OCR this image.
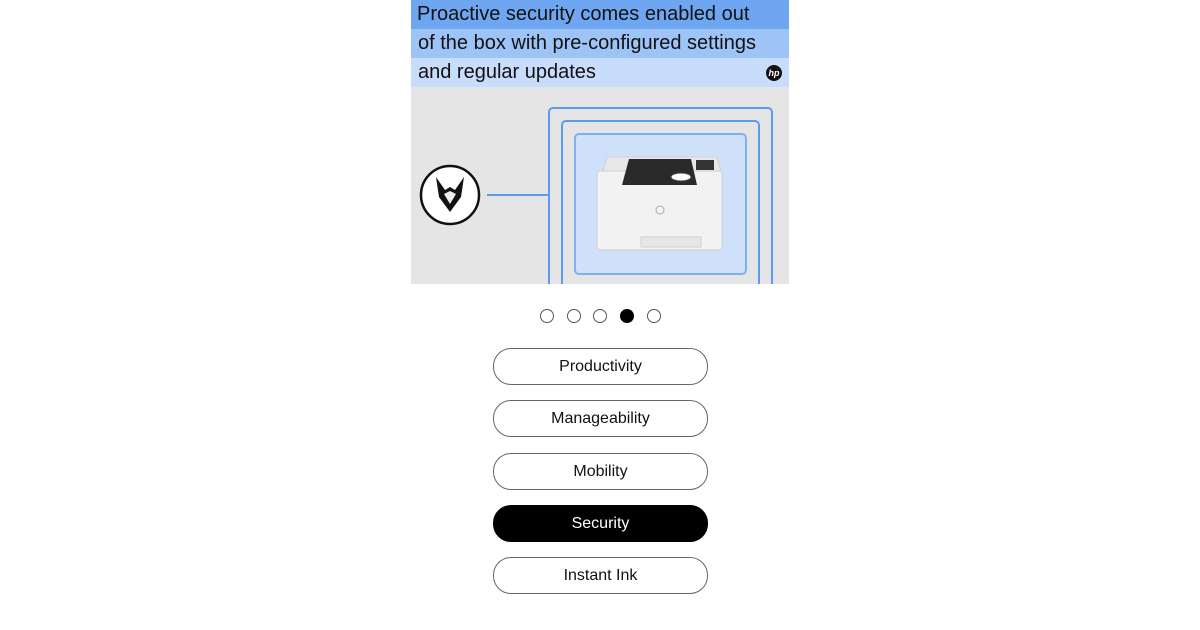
Proactive security comes enabled out
of the box with pre-configured settings
and regular updates	hp
Productivity
Manageability
Mobility
Security
Instant Ink
